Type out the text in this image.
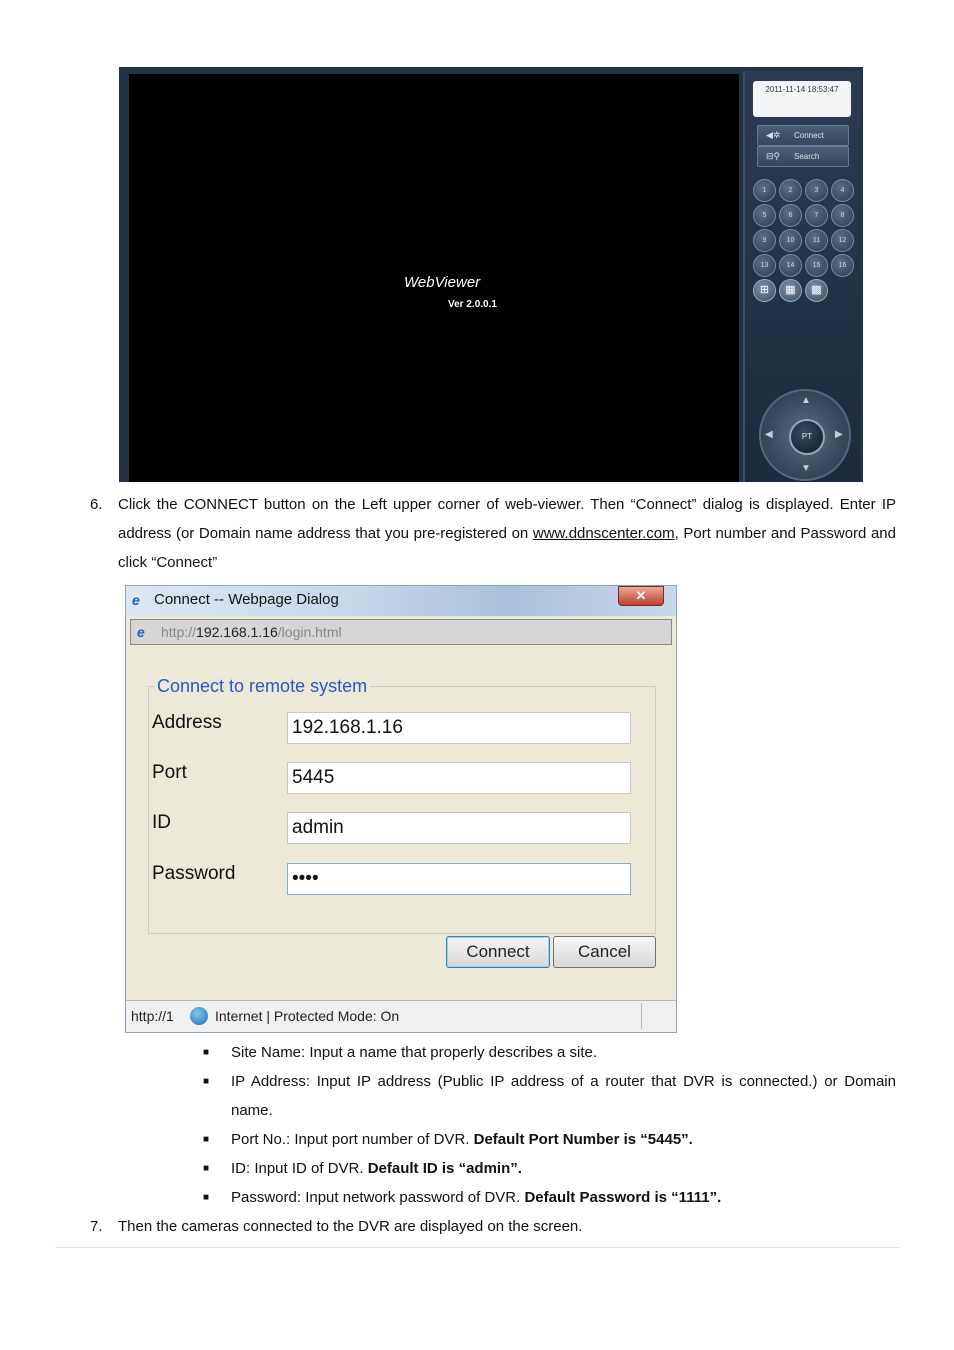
WebViewer
Ver 2.0.0.1
2011-11-14 18:53:47
◀✲ Connect
⊟⚲ Search
1	2	3	4
5	6	7	8
9	10	11	12
13	14	15	16
⊞	▦	▩
▲
▼
◀	▶
PT
6. Click the CONNECT button on the Left upper corner of web-viewer. Then “Connect” dialog is displayed. Enter IP address (or Domain name address that you pre-registered on www.ddnscenter.com, Port number and Password and click “Connect”
e Connect -- Webpage Dialog	✕
e http://192.168.1.16/login.html
Connect to remote system
Address
192.168.1.16
Port
5445
ID
admin
Password
••••
Connect	Cancel
http://1	Internet | Protected Mode: On
■ Site Name: Input a name that properly describes a site.
■ IP Address: Input IP address (Public IP address of a router that DVR is connected.) or Domain name.
■ Port No.: Input port number of DVR. Default Port Number is “5445”.
■ ID: Input ID of DVR. Default ID is “admin”.
■ Password: Input network password of DVR. Default Password is “1111”.
7. Then the cameras connected to the DVR are displayed on the screen.
